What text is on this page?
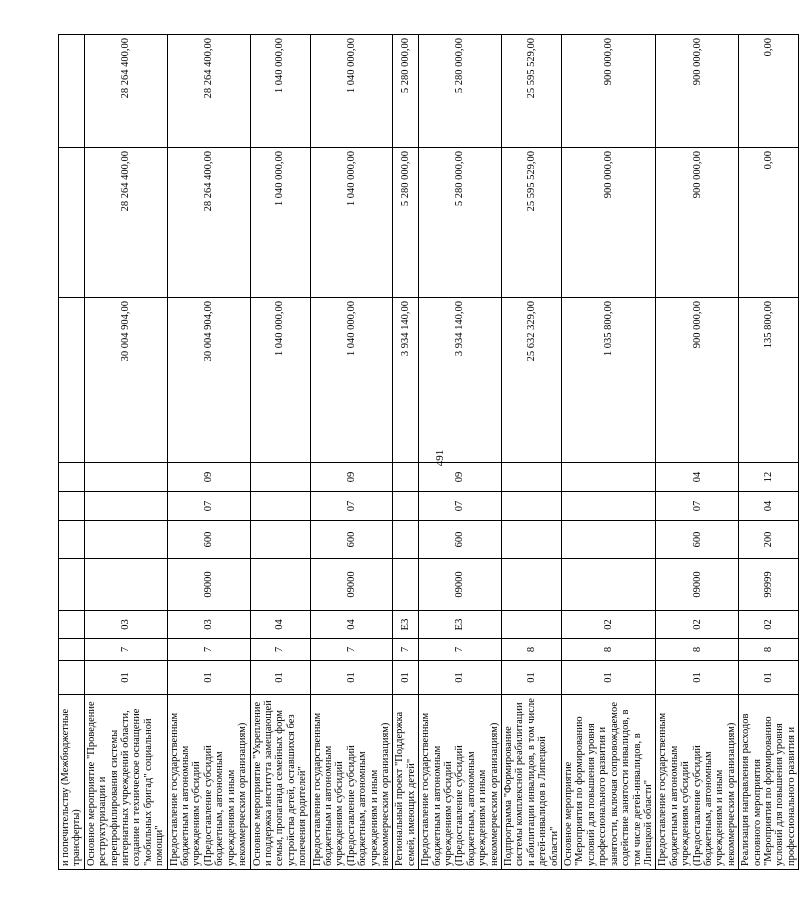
491
и попечительству (Межбюджетные трансферты)										
Основное мероприятие "Проведение реструктуризации и перепрофилирования системы интернатных учреждений области, создание и техническое оснащение "мобильных бригад" социальной помощи"	01	7	03					30 004 904,00	28 264 400,00	28 264 400,00
Предоставление государственным бюджетным и автономным учреждениям субсидий (Предоставление субсидий бюджетным, автономным учреждениям и иным некоммерческим организациям)	01	7	03	09000	600	07	09	30 004 904,00	28 264 400,00	28 264 400,00
Основное мероприятие "Укрепление и поддержка института замещающей семьи, пропаганда семейных форм устройства детей, оставшихся без попечения родителей"	01	7	04					1 040 000,00	1 040 000,00	1 040 000,00
Предоставление государственным бюджетным и автономным учреждениям субсидий (Предоставление субсидий бюджетным, автономным учреждениям и иным некоммерческим организациям)	01	7	04	09000	600	07	09	1 040 000,00	1 040 000,00	1 040 000,00
Региональный проект "Поддержка семей, имеющих детей"	01	7	Е3					3 934 140,00	5 280 000,00	5 280 000,00
Предоставление государственным бюджетным и автономным учреждениям субсидий (Предоставление субсидий бюджетным, автономным учреждениям и иным некоммерческим организациям)	01	7	Е3	09000	600	07	09	3 934 140,00	5 280 000,00	5 280 000,00
Подпрограмма "Формирование системы комплексной реабилитации и абилитации инвалидов, в том числе детей-инвалидов в Липецкой области"	01	8						25 632 329,00	25 595 529,00	25 595 529,00
Основное мероприятие "Мероприятия по формированию условий для повышения уровня профессионального развития и занятости, включая сопровождаемое содействие занятости инвалидов, в том числе детей-инвалидов, в Липецкой области"	01	8	02					1 035 800,00	900 000,00	900 000,00
Предоставление государственным бюджетным и автономным учреждениям субсидий (Предоставление субсидий бюджетным, автономным учреждениям и иным некоммерческим организациям)	01	8	02	09000	600	07	04	900 000,00	900 000,00	900 000,00
Реализация направления расходов основного мероприятия "Мероприятия по формированию условий для повышения уровня профессионального развития и	01	8	02	99999	200	04	12	135 800,00	0,00	0,00
